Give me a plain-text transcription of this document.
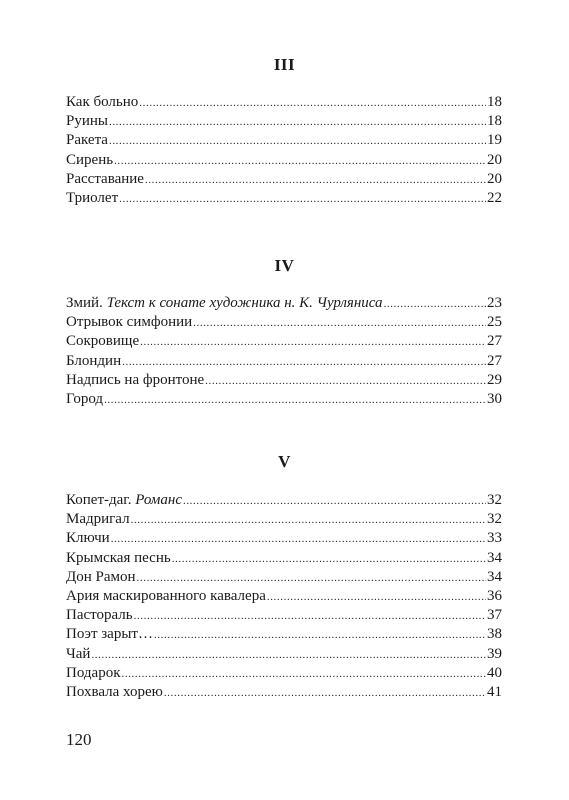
III
Как больно .....	18
Руины .....	18
Ракета .....	19
Сирень .....	20
Расставание .....	20
Триолет .....	22
IV
Змий. Текст к сонате художника н. К. Чурляниса .....	23
Отрывок симфонии .....	25
Сокровище .....	27
Блондин .....	27
Надпись на фронтоне .....	29
Город .....	30
V
Копет-даг. Романс .....	32
Мадригал .....	32
Ключи .....	33
Крымская песнь .....	34
Дон Рамон .....	34
Ария маскированного кавалера .....	36
Пастораль .....	37
Поэт зарыт… .....	38
Чай .....	39
Подарок .....	40
Похвала хорею .....	41
120
